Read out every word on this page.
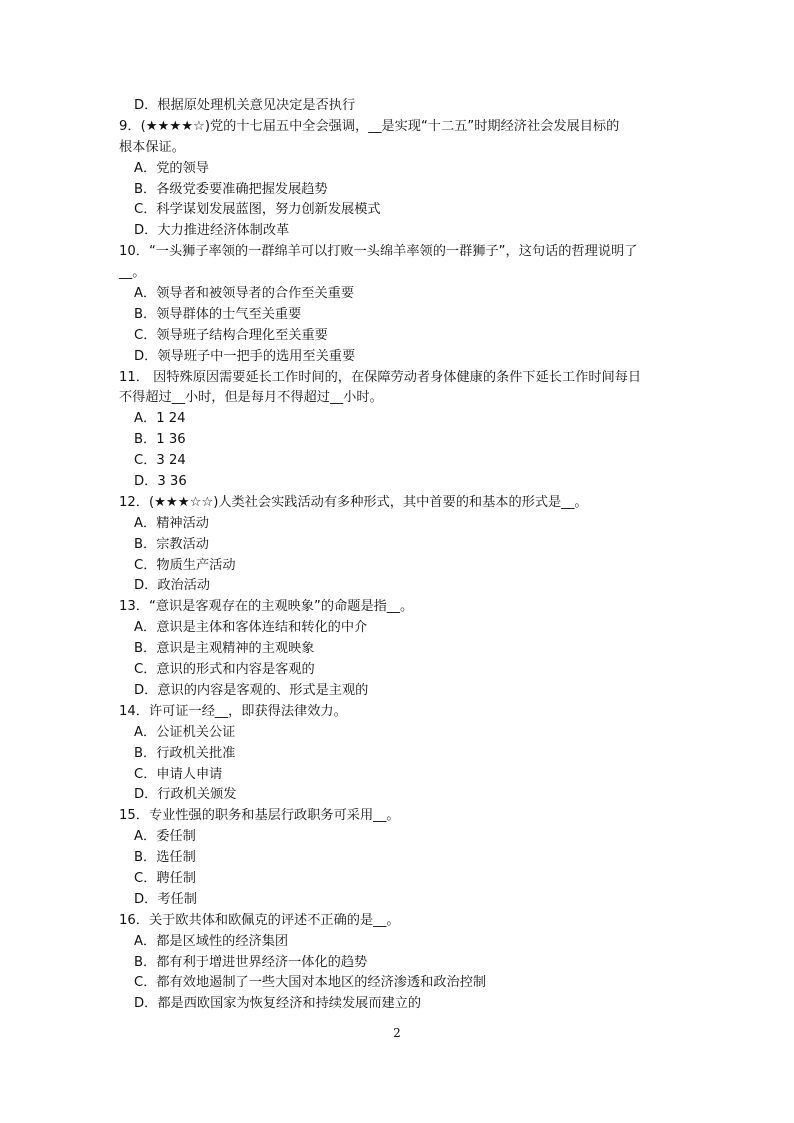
D．根据原处理机关意见决定是否执行
9．(★★★★☆)党的十七届五中全会强调，__是实现“十二五”时期经济社会发展目标的
根本保证。
A．党的领导
B．各级党委要准确把握发展趋势
C．科学谋划发展蓝图，努力创新发展模式
D．大力推进经济体制改革
10．“一头狮子率领的一群绵羊可以打败一头绵羊率领的一群狮子”，这句话的哲理说明了
__。
A．领导者和被领导者的合作至关重要
B．领导群体的士气至关重要
C．领导班子结构合理化至关重要
D．领导班子中一把手的选用至关重要
11． 因特殊原因需要延长工作时间的，在保障劳动者身体健康的条件下延长工作时间每日
不得超过__小时，但是每月不得超过__小时。
A．1 24
B．1 36
C．3 24
D．3 36
12．(★★★☆☆)人类社会实践活动有多种形式，其中首要的和基本的形式是__。
A．精神活动
B．宗教活动
C．物质生产活动
D．政治活动
13．“意识是客观存在的主观映象”的命题是指__。
A．意识是主体和客体连结和转化的中介
B．意识是主观精神的主观映象
C．意识的形式和内容是客观的
D．意识的内容是客观的、形式是主观的
14．许可证一经__，即获得法律效力。
A．公证机关公证
B．行政机关批准
C．申请人申请
D．行政机关颁发
15．专业性强的职务和基层行政职务可采用__。
A．委任制
B．选任制
C．聘任制
D．考任制
16．关于欧共体和欧佩克的评述不正确的是__。
A．都是区域性的经济集团
B．都有利于增进世界经济一体化的趋势
C．都有效地遏制了一些大国对本地区的经济渗透和政治控制
D．都是西欧国家为恢复经济和持续发展而建立的
2
